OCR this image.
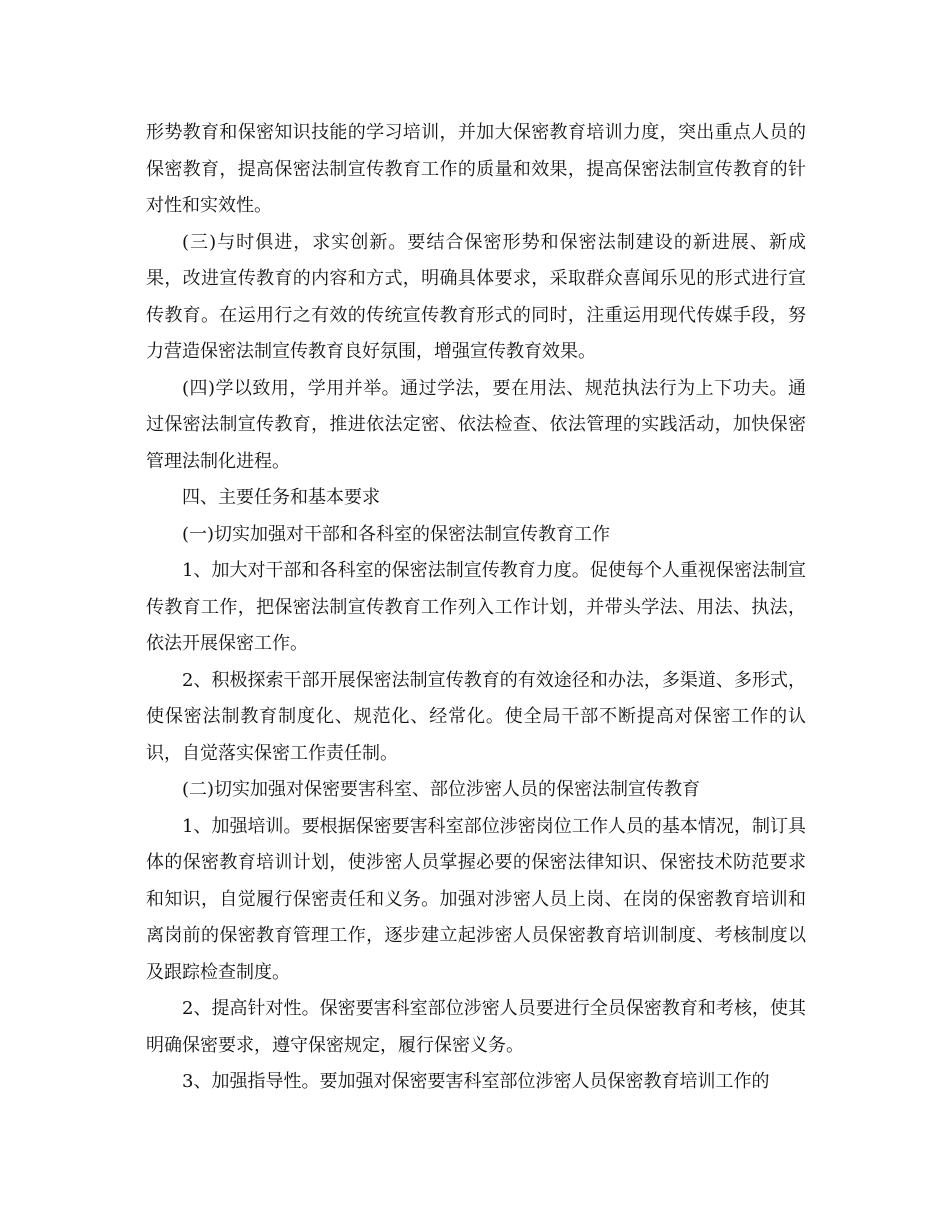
形势教育和保密知识技能的学习培训，并加大保密教育培训力度，突出重点人员的保密教育，提高保密法制宣传教育工作的质量和效果，提高保密法制宣传教育的针对性和实效性。

(三)与时俱进，求实创新。要结合保密形势和保密法制建设的新进展、新成果，改进宣传教育的内容和方式，明确具体要求，采取群众喜闻乐见的形式进行宣传教育。在运用行之有效的传统宣传教育形式的同时，注重运用现代传媒手段，努力营造保密法制宣传教育良好氛围，增强宣传教育效果。

(四)学以致用，学用并举。通过学法，要在用法、规范执法行为上下功夫。通过保密法制宣传教育，推进依法定密、依法检查、依法管理的实践活动，加快保密管理法制化进程。

四、主要任务和基本要求

(一)切实加强对干部和各科室的保密法制宣传教育工作

1、加大对干部和各科室的保密法制宣传教育力度。促使每个人重视保密法制宣传教育工作，把保密法制宣传教育工作列入工作计划，并带头学法、用法、执法，依法开展保密工作。

2、积极探索干部开展保密法制宣传教育的有效途径和办法，多渠道、多形式，使保密法制教育制度化、规范化、经常化。使全局干部不断提高对保密工作的认识，自觉落实保密工作责任制。

(二)切实加强对保密要害科室、部位涉密人员的保密法制宣传教育

1、加强培训。要根据保密要害科室部位涉密岗位工作人员的基本情况，制订具体的保密教育培训计划，使涉密人员掌握必要的保密法律知识、保密技术防范要求和知识，自觉履行保密责任和义务。加强对涉密人员上岗、在岗的保密教育培训和离岗前的保密教育管理工作，逐步建立起涉密人员保密教育培训制度、考核制度以及跟踪检查制度。

2、提高针对性。保密要害科室部位涉密人员要进行全员保密教育和考核，使其明确保密要求，遵守保密规定，履行保密义务。

3、加强指导性。要加强对保密要害科室部位涉密人员保密教育培训工作的
